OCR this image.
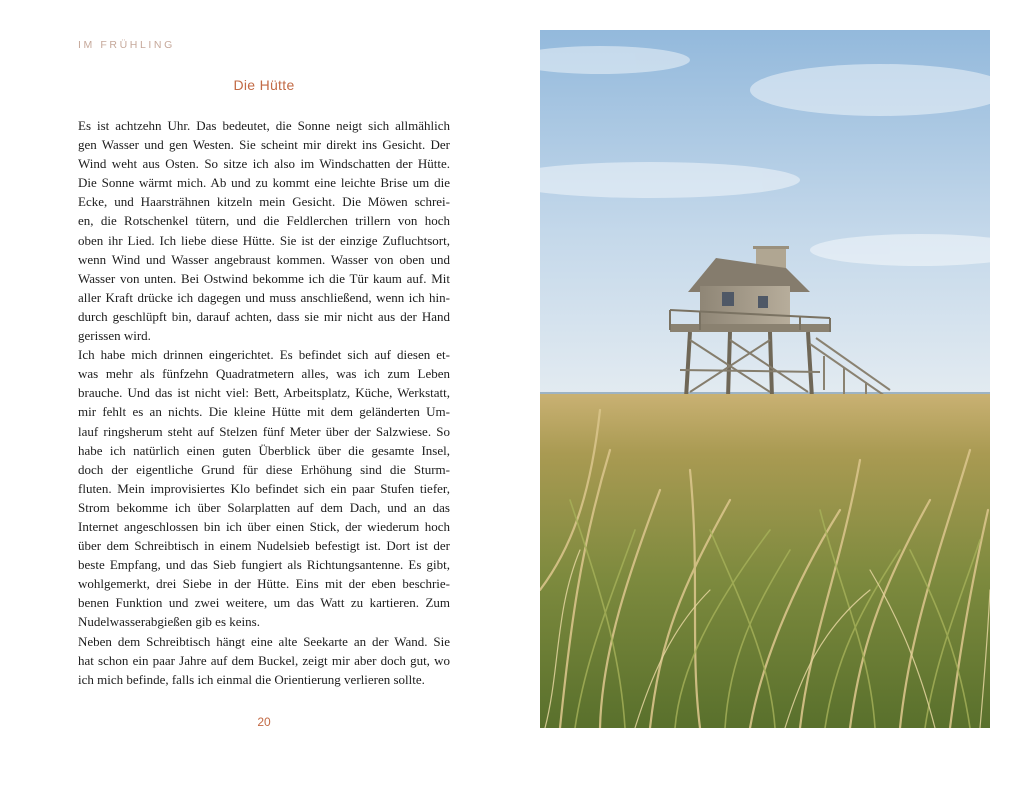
IM FRÜHLING
Die Hütte
Es ist achtzehn Uhr. Das bedeutet, die Sonne neigt sich allmählich
gen Wasser und gen Westen. Sie scheint mir direkt ins Gesicht. Der
Wind weht aus Osten. So sitze ich also im Windschatten der Hütte.
Die Sonne wärmt mich. Ab und zu kommt eine leichte Brise um die
Ecke, und Haarsträhnen kitzeln mein Gesicht. Die Möwen schrei-
en, die Rotschenkel tütern, und die Feldlerchen trillern von hoch
oben ihr Lied. Ich liebe diese Hütte. Sie ist der einzige Zufluchtsort,
wenn Wind und Wasser angebraust kommen. Wasser von oben und
Wasser von unten. Bei Ostwind bekomme ich die Tür kaum auf. Mit
aller Kraft drücke ich dagegen und muss anschließend, wenn ich hin-
durch geschlüpft bin, darauf achten, dass sie mir nicht aus der Hand
gerissen wird.
Ich habe mich drinnen eingerichtet. Es befindet sich auf diesen et-
was mehr als fünfzehn Quadratmetern alles, was ich zum Leben
brauche. Und das ist nicht viel: Bett, Arbeitsplatz, Küche, Werkstatt,
mir fehlt es an nichts. Die kleine Hütte mit dem geländerten Um-
lauf ringsherum steht auf Stelzen fünf Meter über der Salzwiese. So
habe ich natürlich einen guten Überblick über die gesamte Insel,
doch der eigentliche Grund für diese Erhöhung sind die Sturm-
fluten. Mein improvisiertes Klo befindet sich ein paar Stufen tiefer,
Strom bekomme ich über Solarplatten auf dem Dach, und an das
Internet angeschlossen bin ich über einen Stick, der wiederum hoch
über dem Schreibtisch in einem Nudelsieb befestigt ist. Dort ist der
beste Empfang, und das Sieb fungiert als Richtungsantenne. Es gibt,
wohlgemerkt, drei Siebe in der Hütte. Eins mit der eben beschrie-
benen Funktion und zwei weitere, um das Watt zu kartieren. Zum
Nudelwasserabgießen gib es keins.
Neben dem Schreibtisch hängt eine alte Seekarte an der Wand. Sie
hat schon ein paar Jahre auf dem Buckel, zeigt mir aber doch gut, wo
ich mich befinde, falls ich einmal die Orientierung verlieren sollte.
20
